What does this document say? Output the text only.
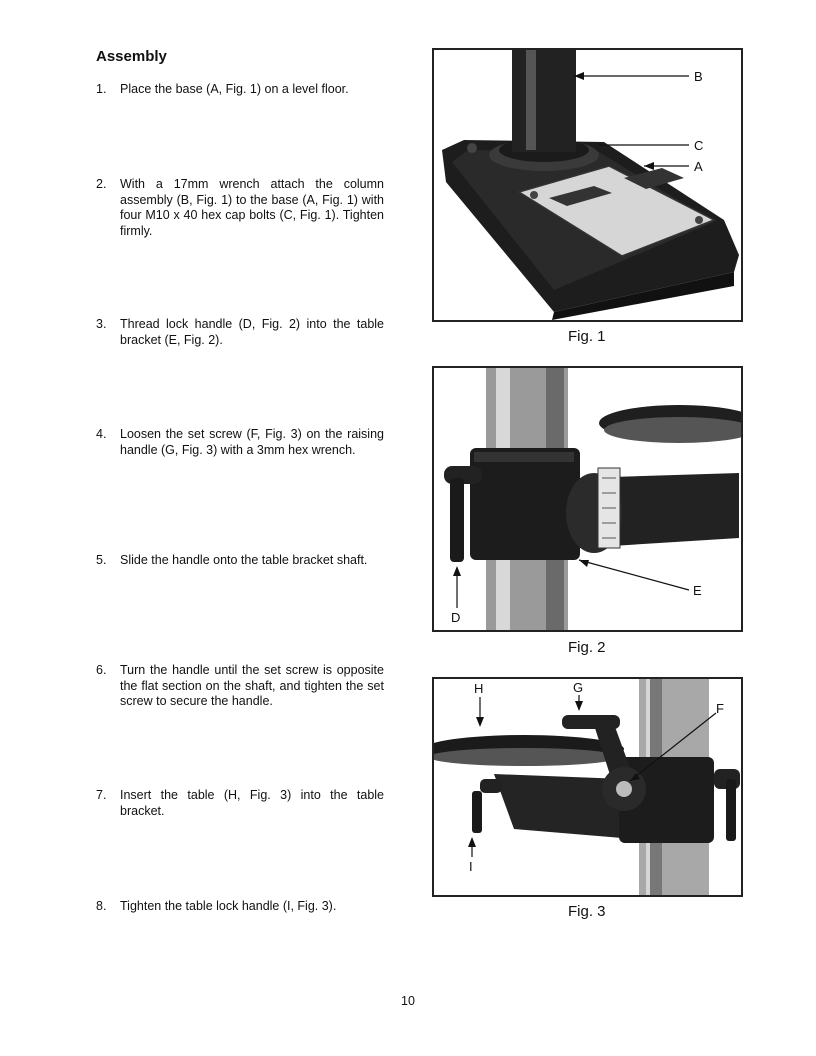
Assembly
1. Place the base (A, Fig. 1) on a level floor.
2. With a 17mm wrench attach the column assembly (B, Fig. 1) to the base (A, Fig. 1) with four M10 x 40 hex cap bolts (C, Fig. 1). Tighten firmly.
3. Thread lock handle (D, Fig. 2) into the table bracket (E, Fig. 2).
4. Loosen the set screw (F, Fig. 3) on the raising handle (G, Fig. 3) with a 3mm hex wrench.
5. Slide the handle onto the table bracket shaft.
6. Turn the handle until the set screw is opposite the flat section on the shaft, and tighten the set screw to secure the handle.
7. Insert the table (H, Fig. 3) into the table bracket.
8. Tighten the table lock handle (I, Fig. 3).
B
C
A
Fig. 1
D
E
Fig. 2
H	G
F
I
Fig. 3
10
